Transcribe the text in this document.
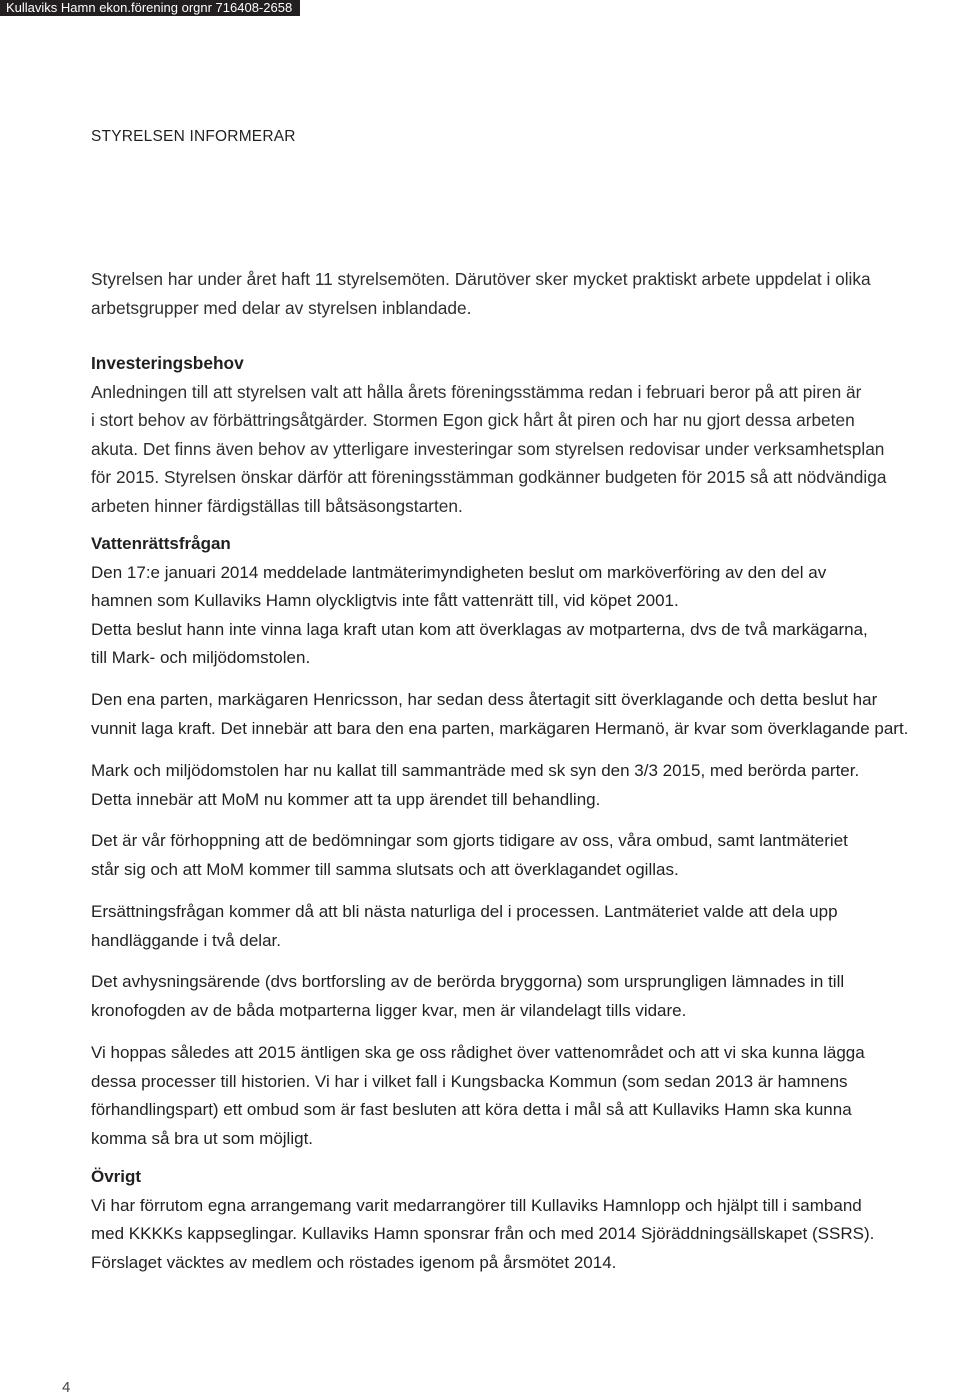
Kullaviks Hamn ekon.förening orgnr 716408-2658
STYRELSEN INFORMERAR
Styrelsen har under året haft 11 styrelsemöten. Därutöver sker mycket praktiskt arbete uppdelat i olika
arbetsgrupper med delar av styrelsen inblandade.
Investeringsbehov
Anledningen till att styrelsen valt att hålla årets föreningsstämma redan i februari beror på att piren är
i stort behov av förbättringsåtgärder. Stormen Egon gick hårt åt piren och har nu gjort dessa arbeten
akuta. Det finns även behov av ytterligare investeringar som styrelsen redovisar under verksamhetsplan
för 2015. Styrelsen önskar därför att föreningsstämman godkänner budgeten för 2015 så att nödvändiga
arbeten hinner färdigställas till båtsäsongstarten.
Vattenrättsfrågan
Den 17:e januari 2014 meddelade lantmäterimyndigheten beslut om marköverföring av den del av
hamnen som Kullaviks Hamn olyckligtvis inte fått vattenrätt till, vid köpet 2001.
Detta beslut hann inte vinna laga kraft utan kom att överklagas av motparterna, dvs de två markägarna,
till Mark- och miljödomstolen.
Den ena parten, markägaren Henricsson, har sedan dess återtagit sitt överklagande och detta beslut har
vunnit laga kraft. Det innebär att bara den ena parten, markägaren Hermanö, är kvar som överklagande part.
Mark och miljödomstolen har nu kallat till sammanträde med sk syn den 3/3 2015, med berörda parter.
Detta innebär att MoM nu kommer att ta upp ärendet till behandling.
Det är vår förhoppning att de bedömningar som gjorts tidigare av oss, våra ombud, samt lantmäteriet
står sig och att MoM kommer till samma slutsats och att överklagandet ogillas.
Ersättningsfrågan kommer då att bli nästa naturliga del i processen. Lantmäteriet valde att dela upp
handläggande i två delar.
Det avhysningsärende (dvs bortforsling av de berörda bryggorna) som ursprungligen lämnades in till
kronofogden av de båda motparterna ligger kvar, men är vilandelagt tills vidare.
Vi hoppas således att 2015 äntligen ska ge oss rådighet över vattenområdet och att vi ska kunna lägga
dessa processer till historien. Vi har i vilket fall i Kungsbacka Kommun (som sedan 2013 är hamnens
förhandlingspart) ett ombud som är fast besluten att köra detta i mål så att Kullaviks Hamn ska kunna
komma så bra ut som möjligt.
Övrigt
Vi har förrutom egna arrangemang varit medarrangörer till Kullaviks Hamnlopp och hjälpt till i samband
med KKKKs kappseglingar. Kullaviks Hamn sponsrar från och med 2014 Sjöräddningsällskapet (SSRS).
Förslaget väcktes av medlem och röstades igenom på årsmötet 2014.
4
